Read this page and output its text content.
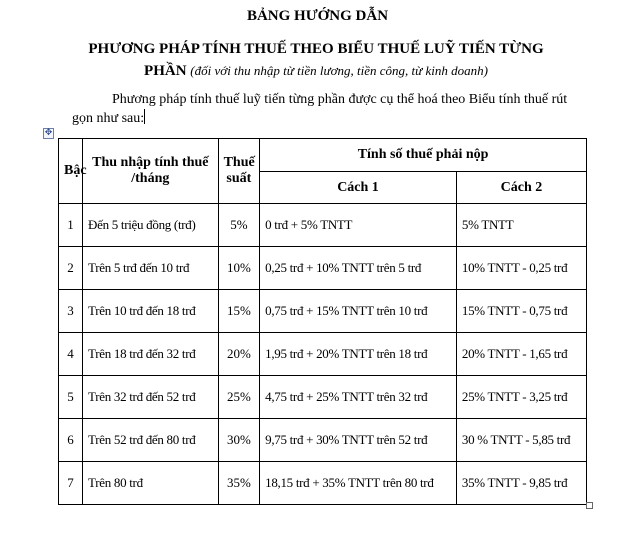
BẢNG HƯỚNG DẪN
PHƯƠNG PHÁP TÍNH THUẾ THEO BIỂU THUẾ LUỸ TIẾN TỪNG PHẦN (đối với thu nhập từ tiền lương, tiền công, từ kinh doanh)
Phương pháp tính thuế luỹ tiến từng phần được cụ thể hoá theo Biểu tính thuế rút gọn như sau:
✥
Bậc	Thu nhập tính thuế /tháng	Thuế suất	Tính số thuế phải nộp	
			Cách 1	Cách 2
1	Đến 5 triệu đồng (trđ)	5%	0 trđ + 5% TNTT	5% TNTT
2	Trên 5 trđ đến 10 trđ	10%	0,25 trđ + 10% TNTT trên 5 trđ	10% TNTT - 0,25 trđ
3	Trên 10 trđ đến 18 trđ	15%	0,75 trđ + 15% TNTT trên 10 trđ	15% TNTT - 0,75 trđ
4	Trên 18 trđ đến 32 trđ	20%	1,95 trđ + 20% TNTT trên 18 trđ	20% TNTT - 1,65 trđ
5	Trên 32 trđ đến 52 trđ	25%	4,75 trđ + 25% TNTT trên 32 trđ	25% TNTT - 3,25 trđ
6	Trên 52 trđ đến 80 trđ	30%	9,75 trđ + 30% TNTT trên 52 trđ	30 % TNTT - 5,85 trđ
7	Trên 80 trđ	35%	18,15 trđ + 35% TNTT trên 80 trđ	35% TNTT - 9,85 trđ
